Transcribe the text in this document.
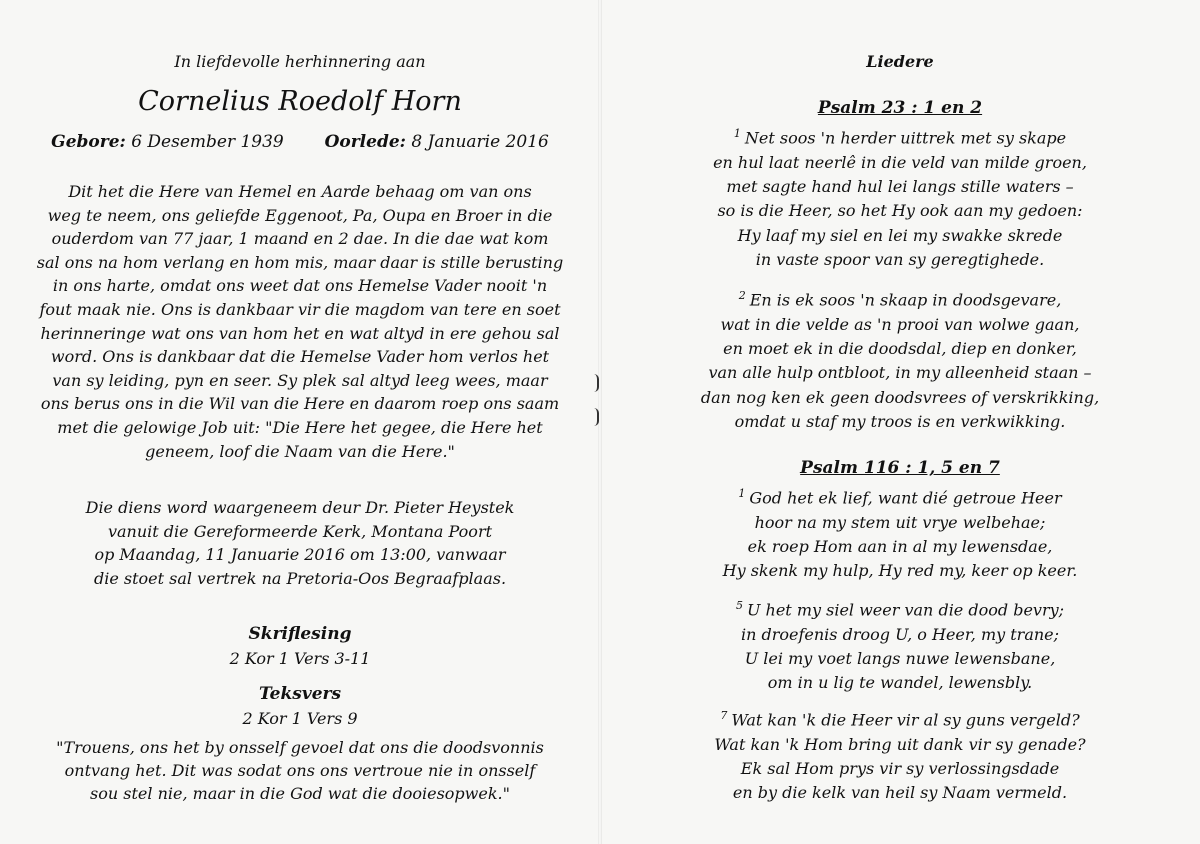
In liefdevolle herhinnering aan
Cornelius Roedolf Horn
Gebore: 6 Desember 1939 Oorlede: 8 Januarie 2016
Dit het die Here van Hemel en Aarde behaag om van ons
weg te neem, ons geliefde Eggenoot, Pa, Oupa en Broer in die
ouderdom van 77 jaar, 1 maand en 2 dae. In die dae wat kom
sal ons na hom verlang en hom mis, maar daar is stille berusting
in ons harte, omdat ons weet dat ons Hemelse Vader nooit 'n
fout maak nie. Ons is dankbaar vir die magdom van tere en soet
herinneringe wat ons van hom het en wat altyd in ere gehou sal
word. Ons is dankbaar dat die Hemelse Vader hom verlos het
van sy leiding, pyn en seer. Sy plek sal altyd leeg wees, maar
ons berus ons in die Wil van die Here en daarom roep ons saam
met die gelowige Job uit: "Die Here het gegee, die Here het
geneem, loof die Naam van die Here."
Die diens word waargeneem deur Dr. Pieter Heystek
vanuit die Gereformeerde Kerk, Montana Poort
op Maandag, 11 Januarie 2016 om 13:00, vanwaar
die stoet sal vertrek na Pretoria-Oos Begraafplaas.
Skriflesing
2 Kor 1 Vers 3-11
Teksvers
2 Kor 1 Vers 9
"Trouens, ons het by onsself gevoel dat ons die doodsvonnis
ontvang het. Dit was sodat ons ons vertroue nie in onsself
sou stel nie, maar in die God wat die dooiesopwek."
Liedere
Psalm 23 : 1 en 2
$^1$ Net soos 'n herder uittrek met sy skape
en hul laat neerlê in die veld van milde groen,
met sagte hand hul lei langs stille waters –
so is die Heer, so het Hy ook aan my gedoen:
Hy laaf my siel en lei my swakke skrede
in vaste spoor van sy geregtighede.
$^2$ En is ek soos 'n skaap in doodsgevare,
wat in die velde as 'n prooi van wolwe gaan,
en moet ek in die doodsdal, diep en donker,
van alle hulp ontbloot, in my alleenheid staan –
dan nog ken ek geen doodsvrees of verskrikking,
omdat u staf my troos is en verkwikking.
Psalm 116 : 1, 5 en 7
$^1$ God het ek lief, want dié getroue Heer
hoor na my stem uit vrye welbehae;
ek roep Hom aan in al my lewensdae,
Hy skenk my hulp, Hy red my, keer op keer.
$^5$ U het my siel weer van die dood bevry;
in droefenis droog U, o Heer, my trane;
U lei my voet langs nuwe lewensbane,
om in u lig te wandel, lewensbly.
$^7$ Wat kan 'k die Heer vir al sy guns vergeld?
Wat kan 'k Hom bring uit dank vir sy genade?
Ek sal Hom prys vir sy verlossingsdade
en by die kelk van heil sy Naam vermeld.
